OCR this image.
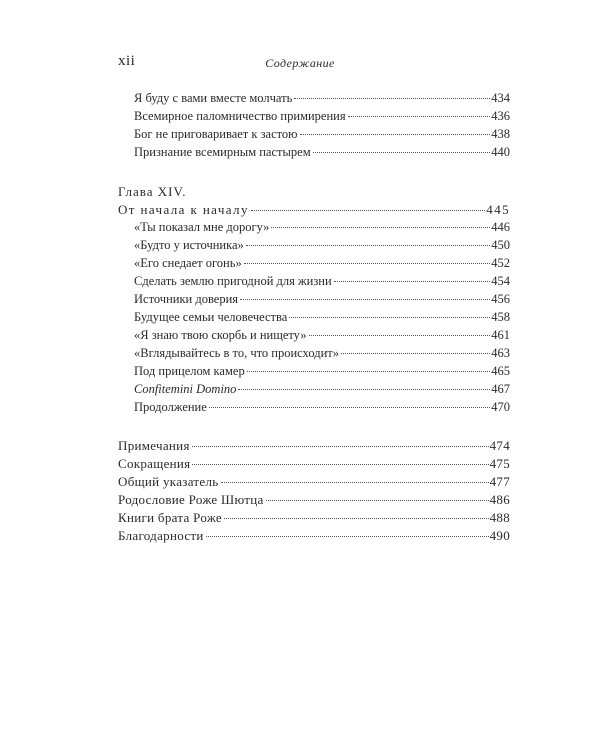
xii	Содержание
Я буду с вами вместе молчать	434
Всемирное паломничество примирения	436
Бог не приговаривает к застою	438
Признание всемирным пастырем	440
Глава XIV.
От начала к началу	445
«Ты показал мне дорогу»	446
«Будто у источника»	450
«Его снедает огонь»	452
Сделать землю пригодной для жизни	454
Источники доверия	456
Будущее семьи человечества	458
«Я знаю твою скорбь и нищету»	461
«Вглядывайтесь в то, что происходит»	463
Под прицелом камер	465
Confitemini Domino	467
Продолжение	470
Примечания	474
Сокращения	475
Общий указатель	477
Родословие Роже Шютца	486
Книги брата Роже	488
Благодарности	490
